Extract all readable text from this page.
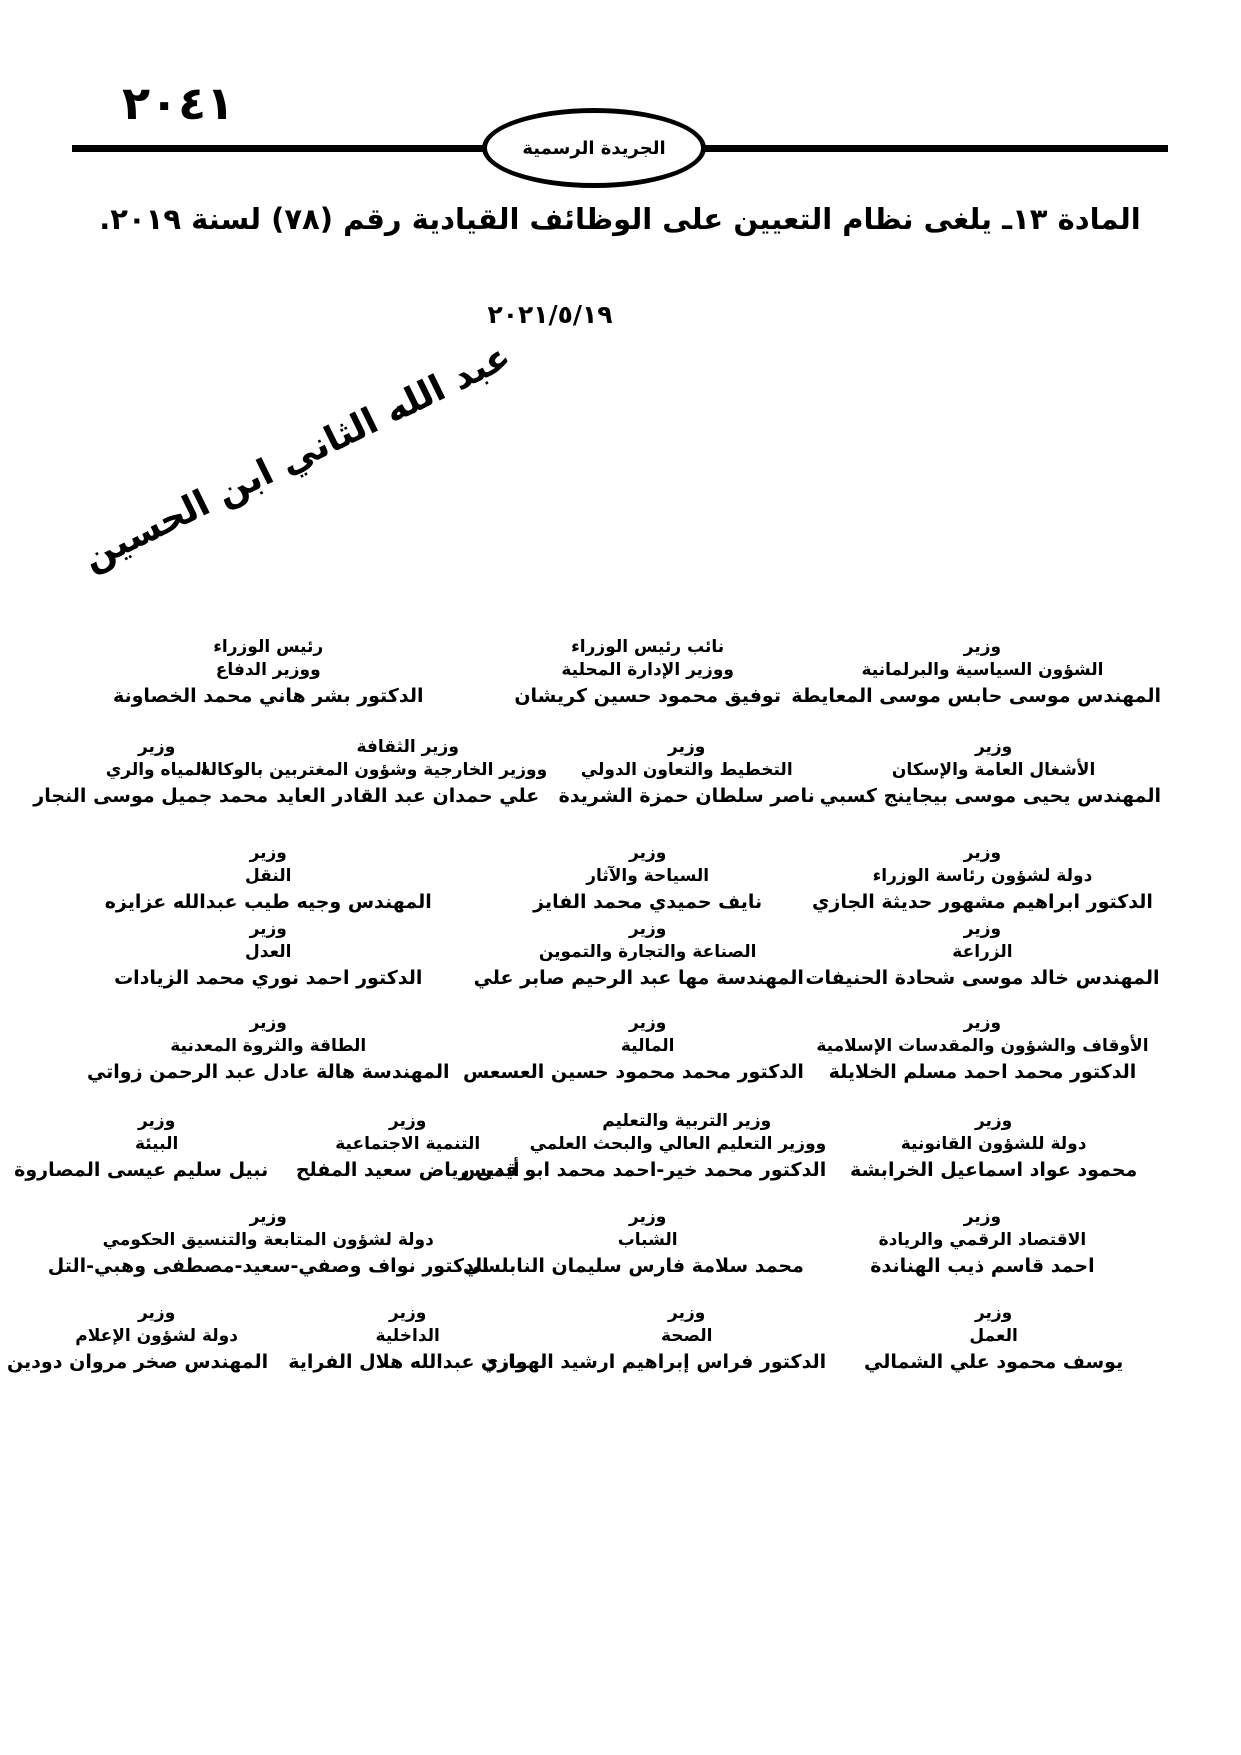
٢٠٤١
الجريدة الرسمية
المادة ١٣ـ يلغى نظام التعيين على الوظائف القيادية رقم (٧٨) لسنة ٢٠١٩.
٢٠٢١/٥/١٩
عبد الله الثاني ابن الحسين
وزير
الشؤون السياسية والبرلمانية
المهندس موسى حابس موسى المعايطة
نائب رئيس الوزراء
ووزير الإدارة المحلية
توفيق محمود حسين كريشان
رئيس الوزراء
ووزير الدفاع
الدكتور بشر هاني محمد الخصاونة
وزير
الأشغال العامة والإسكان
المهندس يحيى موسى بيجاينج كسبي
وزير
التخطيط والتعاون الدولي
ناصر سلطان حمزة الشريدة
وزير الثقافة
ووزير الخارجية وشؤون المغتربين بالوكالة
علي حمدان عبد القادر العايد
وزير
المياه والري
محمد جميل موسى النجار
وزير
دولة لشؤون رئاسة الوزراء
الدكتور ابراهيم مشهور حديثة الجازي
وزير
السياحة والآثار
نايف حميدي محمد الفايز
وزير
النقل
المهندس وجيه طيب عبدالله عزايزه
وزير
الزراعة
المهندس خالد موسى شحادة الحنيفات
وزير
الصناعة والتجارة والتموين
المهندسة مها عبد الرحيم صابر علي
وزير
العدل
الدكتور احمد نوري محمد الزيادات
وزير
الأوقاف والشؤون والمقدسات الإسلامية
الدكتور محمد احمد مسلم الخلايلة
وزير
المالية
الدكتور محمد محمود حسين العسعس
وزير
الطاقة والثروة المعدنية
المهندسة هالة عادل عبد الرحمن زواتي
وزير
دولة للشؤون القانونية
محمود عواد اسماعيل الخرابشة
وزير التربية والتعليم
ووزير التعليم العالي والبحث العلمي
الدكتور محمد خير-احمد محمد ابو قديس
وزير
التنمية الاجتماعية
أيمن رياض سعيد المفلح
وزير
البيئة
نبيل سليم عيسى المصاروة
وزير
الاقتصاد الرقمي والريادة
احمد قاسم ذيب الهناندة
وزير
الشباب
محمد سلامة فارس سليمان النابلسي
وزير
دولة لشؤون المتابعة والتنسيق الحكومي
الدكتور نواف وصفي-سعيد-مصطفى وهبي-التل
وزير
العمل
يوسف محمود علي الشمالي
وزير
الصحة
الدكتور فراس إبراهيم ارشيد الهواري
وزير
الداخلية
مازن عبدالله هلال الفراية
وزير
دولة لشؤون الإعلام
المهندس صخر مروان دودين
